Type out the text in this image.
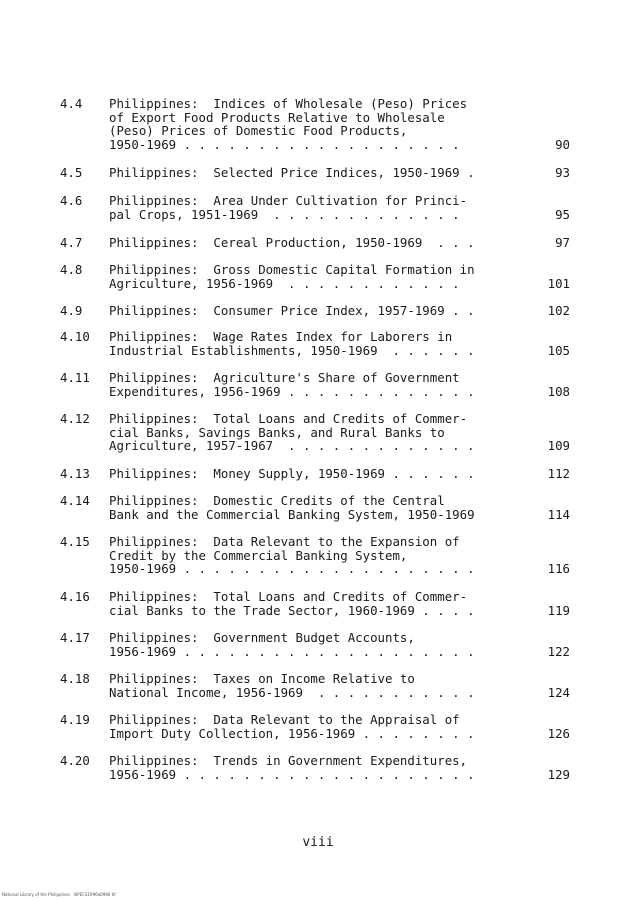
4.4 Philippines:  Indices of Wholesale (Peso) Prices
of Export Food Products Relative to Wholesale
(Peso) Prices of Domestic Food Products,
1950-1969 . . . . . . . . . . . . . . . . . . .	90
4.5 Philippines:  Selected Price Indices, 1950-1969 .	93
4.6 Philippines:  Area Under Cultivation for Princi-
pal Crops, 1951-1969  . . . . . . . . . . . . .	95
4.7 Philippines:  Cereal Production, 1950-1969  . . .	97
4.8 Philippines:  Gross Domestic Capital Formation in
Agriculture, 1956-1969  . . . . . . . . . . . .	101
4.9 Philippines:  Consumer Price Index, 1957-1969 . .	102
4.10 Philippines:  Wage Rates Index for Laborers in
Industrial Establishments, 1950-1969  . . . . . .	105
4.11 Philippines:  Agriculture's Share of Government
Expenditures, 1956-1969 . . . . . . . . . . . . .	108
4.12 Philippines:  Total Loans and Credits of Commer-
cial Banks, Savings Banks, and Rural Banks to
Agriculture, 1957-1967  . . . . . . . . . . . . .	109
4.13 Philippines:  Money Supply, 1950-1969 . . . . . .	112
4.14 Philippines:  Domestic Credits of the Central
Bank and the Commercial Banking System, 1950-1969	114
4.15 Philippines:  Data Relevant to the Expansion of
Credit by the Commercial Banking System,
1950-1969 . . . . . . . . . . . . . . . . . . . .	116
4.16 Philippines:  Total Loans and Credits of Commer-
cial Banks to the Trade Sector, 1960-1969 . . . .	119
4.17 Philippines:  Government Budget Accounts,
1956-1969 . . . . . . . . . . . . . . . . . . . .	122
4.18 Philippines:  Taxes on Income Relative to
National Income, 1956-1969  . . . . . . . . . . .	124
4.19 Philippines:  Data Relevant to the Appraisal of
Import Duty Collection, 1956-1969 . . . . . . . .	126
4.20 Philippines:  Trends in Government Expenditures,
1956-1969 . . . . . . . . . . . . . . . . . . . .	129
viii
National Library of the Philippines   ISPECS1996a0990 tif
